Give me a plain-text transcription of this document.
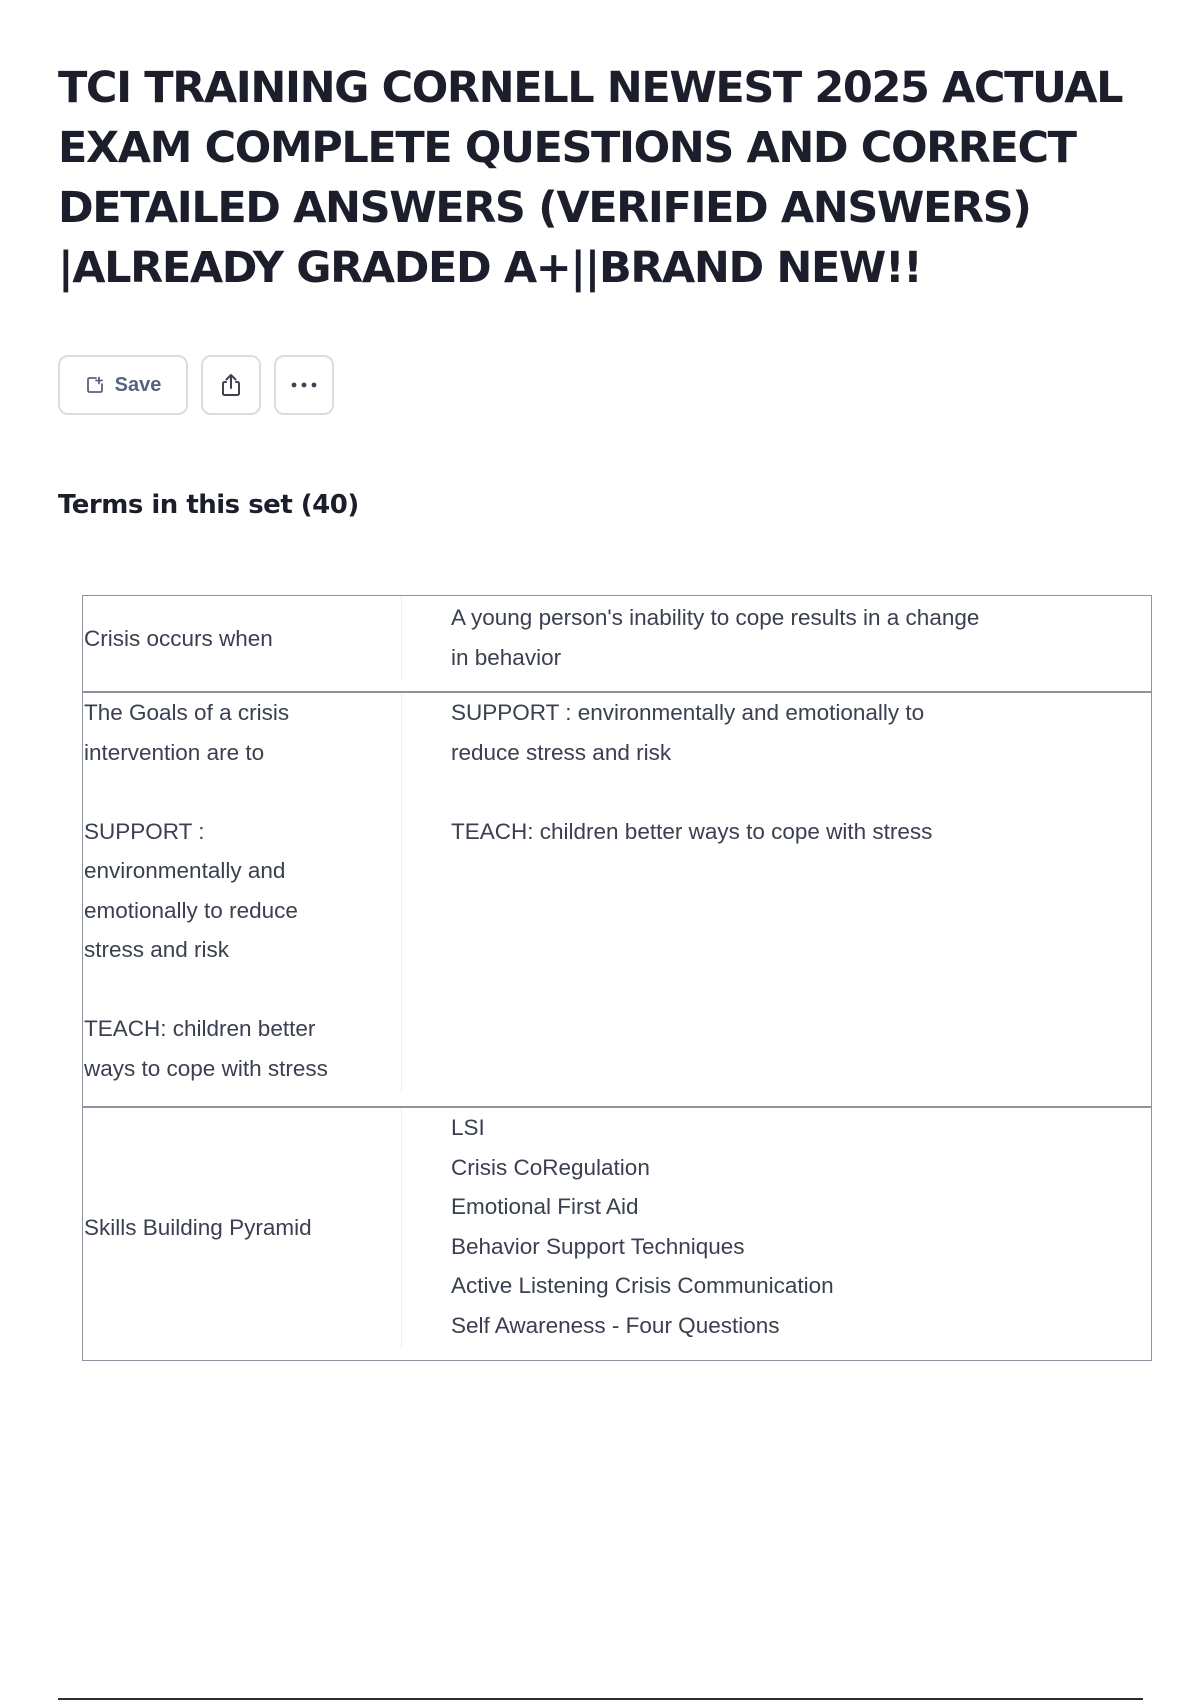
TCI TRAINING CORNELL NEWEST 2025 ACTUAL
EXAM COMPLETE QUESTIONS AND CORRECT
DETAILED ANSWERS (VERIFIED ANSWERS)
|ALREADY GRADED A+||BRAND NEW!!
Save
Terms in this set (40)
Crisis occurs when
A young person's inability to cope results in a change
in behavior
The Goals of a crisis
intervention are to

SUPPORT :
environmentally and
emotionally to reduce
stress and risk

TEACH: children better
ways to cope with stress
SUPPORT : environmentally and emotionally to
reduce stress and risk

TEACH: children better ways to cope with stress
Skills Building Pyramid
LSI
Crisis CoRegulation
Emotional First Aid
Behavior Support Techniques
Active Listening Crisis Communication
Self Awareness - Four Questions
